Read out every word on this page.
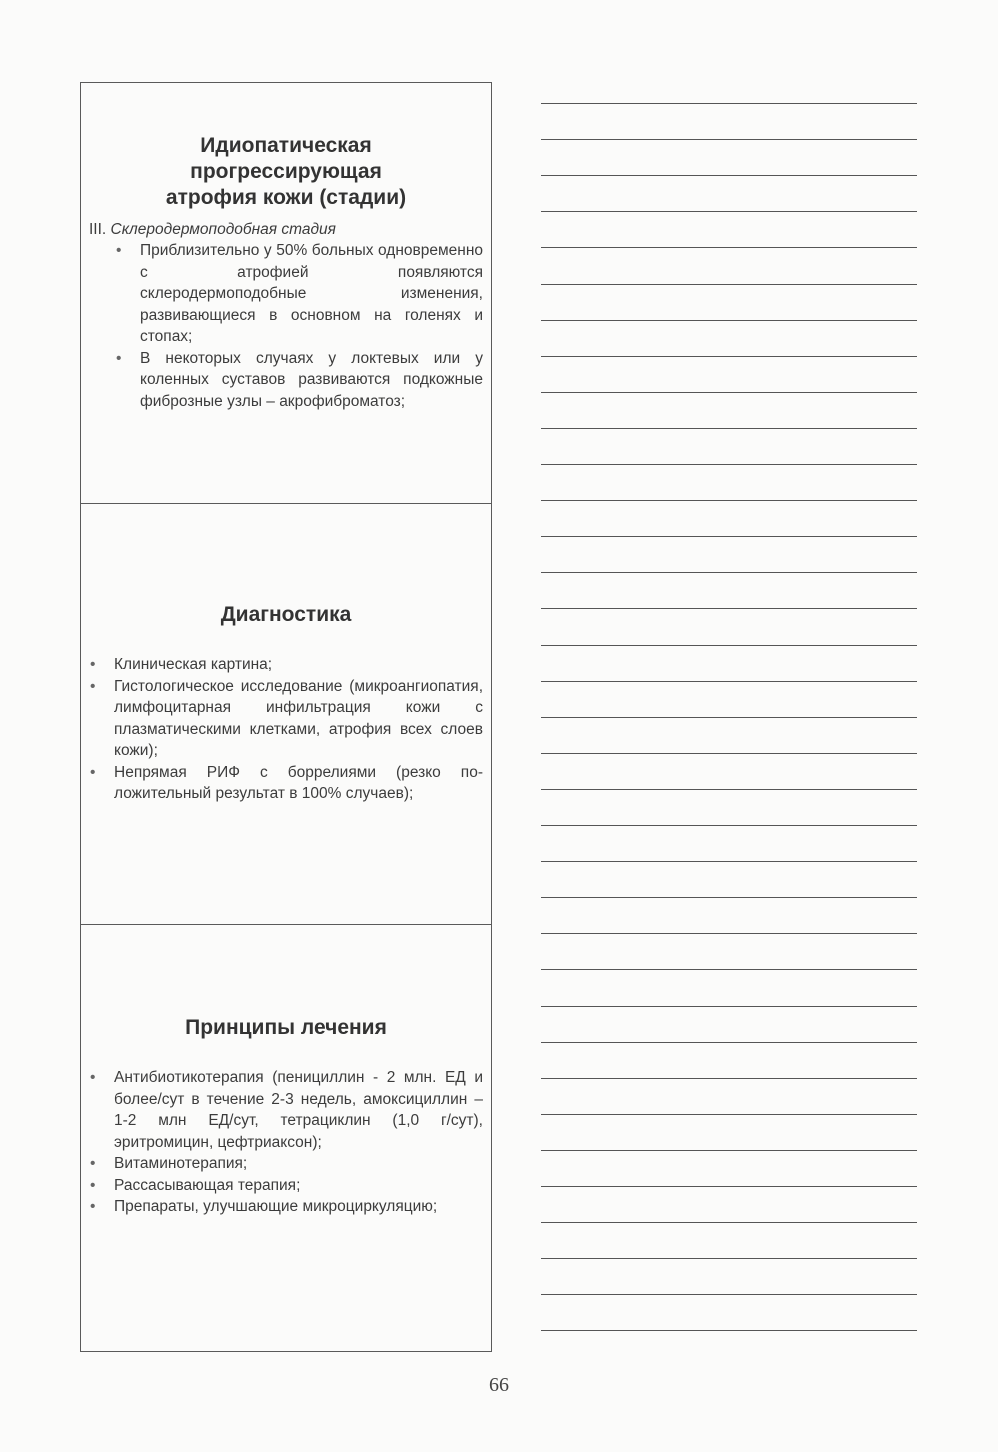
Идиопатическая
прогрессирующая
атрофия кожи (стадии)
III. Склеродермоподобная стадия
• Приблизительно у 50% больных одновременно с атрофией появляются склеродермоподобные изменения, развивающиеся в основном на голенях и стопах;
• В некоторых случаях у локтевых или у коленных суставов развиваются подкожные фиброзные узлы – акрофиброматоз;
Диагностика
• Клиническая картина;
• Гистологическое исследование (микроангиопатия, лимфоцитарная инфильтрация кожи с плазматическими клетками, атрофия всех слоев кожи);
• Непрямая РИФ с боррелиями (резко положительный результат в 100% случаев);
Принципы лечения
• Антибиотикотерапия (пенициллин - 2 млн. ЕД и более/сут в течение 2-3 недель, амоксициллин – 1-2 млн ЕД/сут, тетрациклин (1,0 г/сут), эритромицин, цефтриаксон);
• Витаминотерапия;
• Рассасывающая терапия;
• Препараты, улучшающие микроциркуляцию;
66
